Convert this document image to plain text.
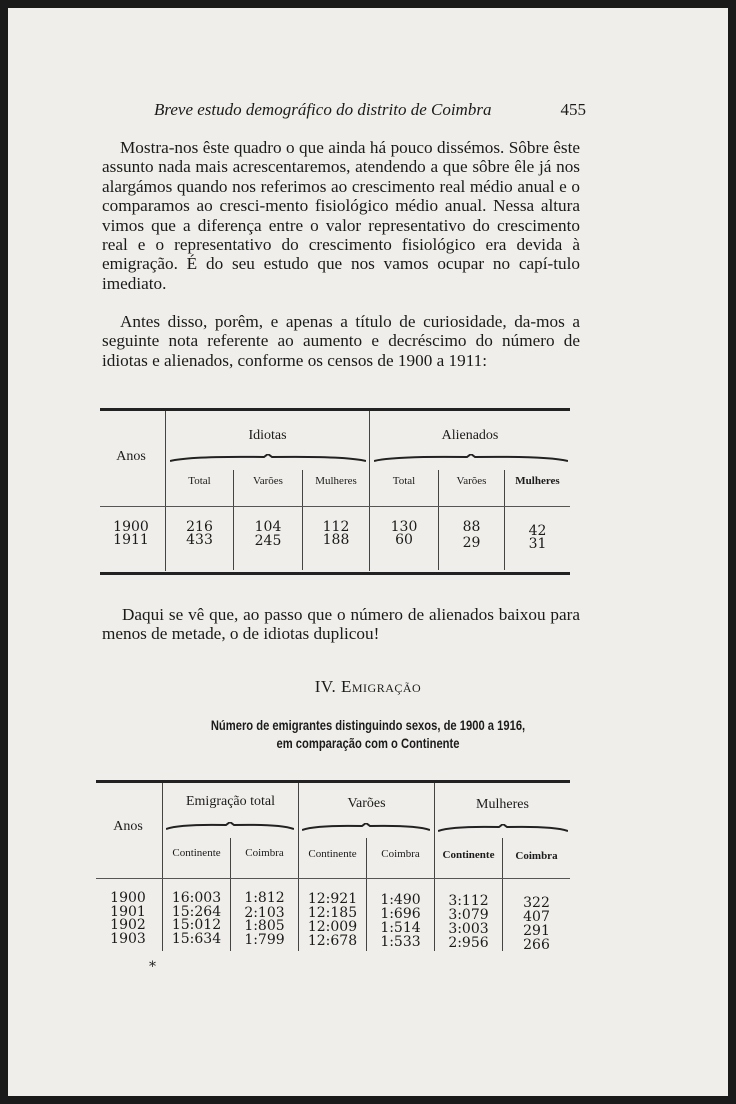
Breve estudo demográfico do distrito de Coimbra	455
Mostra-nos êste quadro o que ainda há pouco dissémos. Sôbre êste assunto nada mais acrescentaremos, atendendo a que sôbre êle já nos alargámos quando nos referimos ao crescimento real médio anual e o comparamos ao cresci-mento fisiológico médio anual. Nessa altura vimos que a diferença entre o valor representativo do crescimento real e o representativo do crescimento fisiológico era devida à emigração. É do seu estudo que nos vamos ocupar no capí-tulo imediato.
Antes disso, porêm, e apenas a título de curiosidade, da-mos a seguinte nota referente ao aumento e decréscimo do número de idiotas e alienados, conforme os censos de 1900 a 1911:
Anos
Idiotas	Alienados
Total	Varões	Mulheres	Total	Varões	Mulheres
1900	216	104	112	130	88	42
1911	433	245	188	60	29	31
Daqui se vê que, ao passo que o número de alienados baixou para menos de metade, o de idiotas duplicou!
IV. Emigração
Número de emigrantes distinguindo sexos, de 1900 a 1916,
em comparação com o Continente
Anos
Emigração total	Varões	Mulheres
Continente	Coimbra	Continente	Coimbra	Continente	Coimbra
1900	16:003	1:812	12:921	1:490	3:112	322
1901	15:264	2:103	12:185	1:696	3:079	407
1902	15:012	1:805	12:009	1:514	3:003	291
1903	15:634	1:799	12:678	1:533	2:956	266
*
